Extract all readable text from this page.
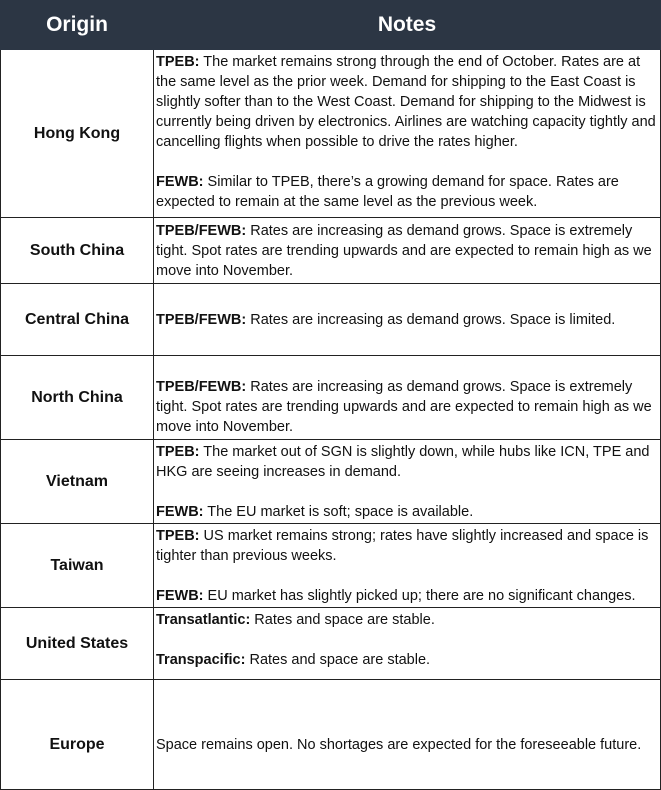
Origin	Notes
Hong Kong	TPEB: The market remains strong through the end of October. Rates are at the same level as the prior week. Demand for shipping to the East Coast is slightly softer than to the West Coast. Demand for shipping to the Midwest is currently being driven by electronics. Airlines are watching capacity tightly and cancelling flights when possible to drive the rates higher.
FEWB: Similar to TPEB, there’s a growing demand for space. Rates are expected to remain at the same level as the previous week.

South China	TPEB/FEWB: Rates are increasing as demand grows. Space is extremely tight. Spot rates are trending upwards and are expected to remain high as we move into November.

Central China	TPEB/FEWB: Rates are increasing as demand grows. Space is limited.

North China	TPEB/FEWB: Rates are increasing as demand grows. Space is extremely tight. Spot rates are trending upwards and are expected to remain high as we move into November.

Vietnam	TPEB: The market out of SGN is slightly down, while hubs like ICN, TPE and HKG are seeing increases in demand.
FEWB: The EU market is soft; space is available.

Taiwan	TPEB: US market remains strong; rates have slightly increased and space is tighter than previous weeks.
FEWB: EU market has slightly picked up; there are no significant changes.

United States	Transatlantic: Rates and space are stable.
Transpacific: Rates and space are stable.

Europe	Space remains open. No shortages are expected for the foreseeable future.
